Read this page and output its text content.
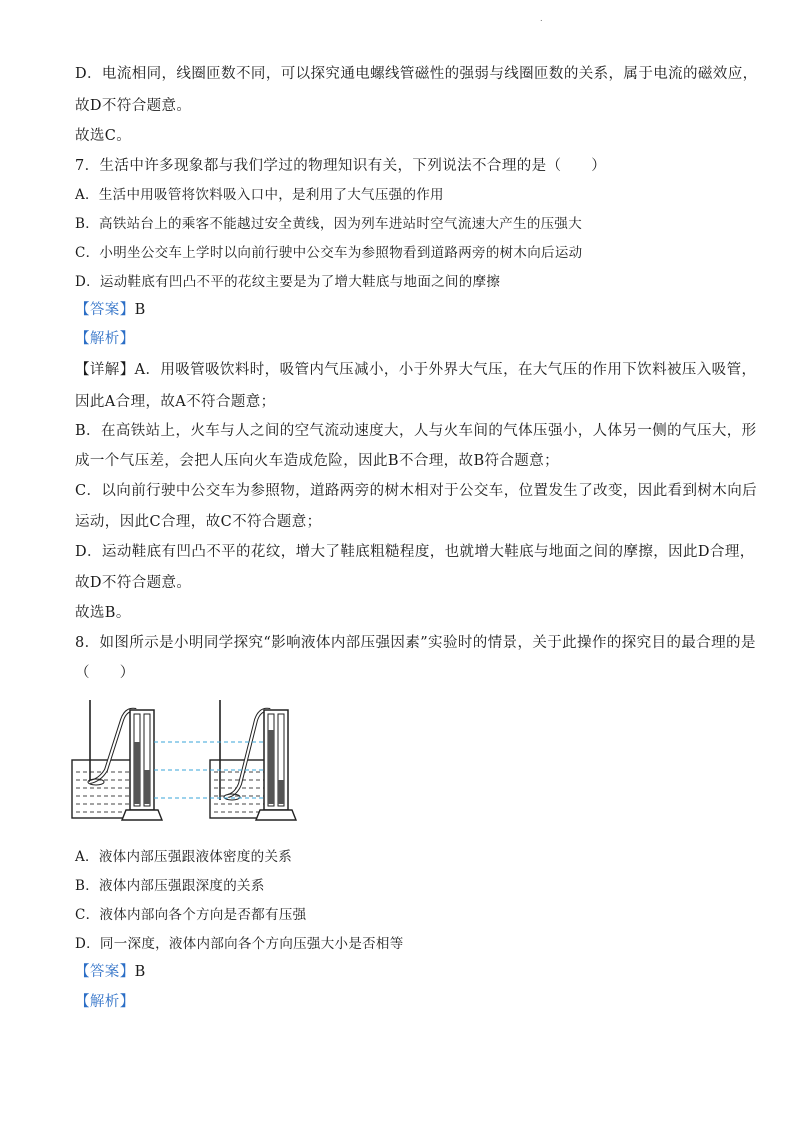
.
D．电流相同，线圈匝数不同，可以探究通电螺线管磁性的强弱与线圈匝数的关系，属于电流的磁效应，
故D不符合题意。
故选C。
7．生活中许多现象都与我们学过的物理知识有关，下列说法不合理的是（　　）
A．生活中用吸管将饮料吸入口中，是利用了大气压强的作用
B．高铁站台上的乘客不能越过安全黄线，因为列车进站时空气流速大产生的压强大
C．小明坐公交车上学时以向前行驶中公交车为参照物看到道路两旁的树木向后运动
D．运动鞋底有凹凸不平的花纹主要是为了增大鞋底与地面之间的摩擦
【答案】B
【解析】
【详解】A．用吸管吸饮料时，吸管内气压减小，小于外界大气压，在大气压的作用下饮料被压入吸管，
因此A合理，故A不符合题意；
B．在高铁站上，火车与人之间的空气流动速度大，人与火车间的气体压强小，人体另一侧的气压大，形
成一个气压差，会把人压向火车造成危险，因此B不合理，故B符合题意；
C．以向前行驶中公交车为参照物，道路两旁的树木相对于公交车，位置发生了改变，因此看到树木向后
运动，因此C合理，故C不符合题意；
D．运动鞋底有凹凸不平的花纹，增大了鞋底粗糙程度，也就增大鞋底与地面之间的摩擦，因此D合理，
故D不符合题意。
故选B。
8．如图所示是小明同学探究“影响液体内部压强因素”实验时的情景，关于此操作的探究目的最合理的是
（　　）
A．液体内部压强跟液体密度的关系
B．液体内部压强跟深度的关系
C．液体内部向各个方向是否都有压强
D．同一深度，液体内部向各个方向压强大小是否相等
【答案】B
【解析】
